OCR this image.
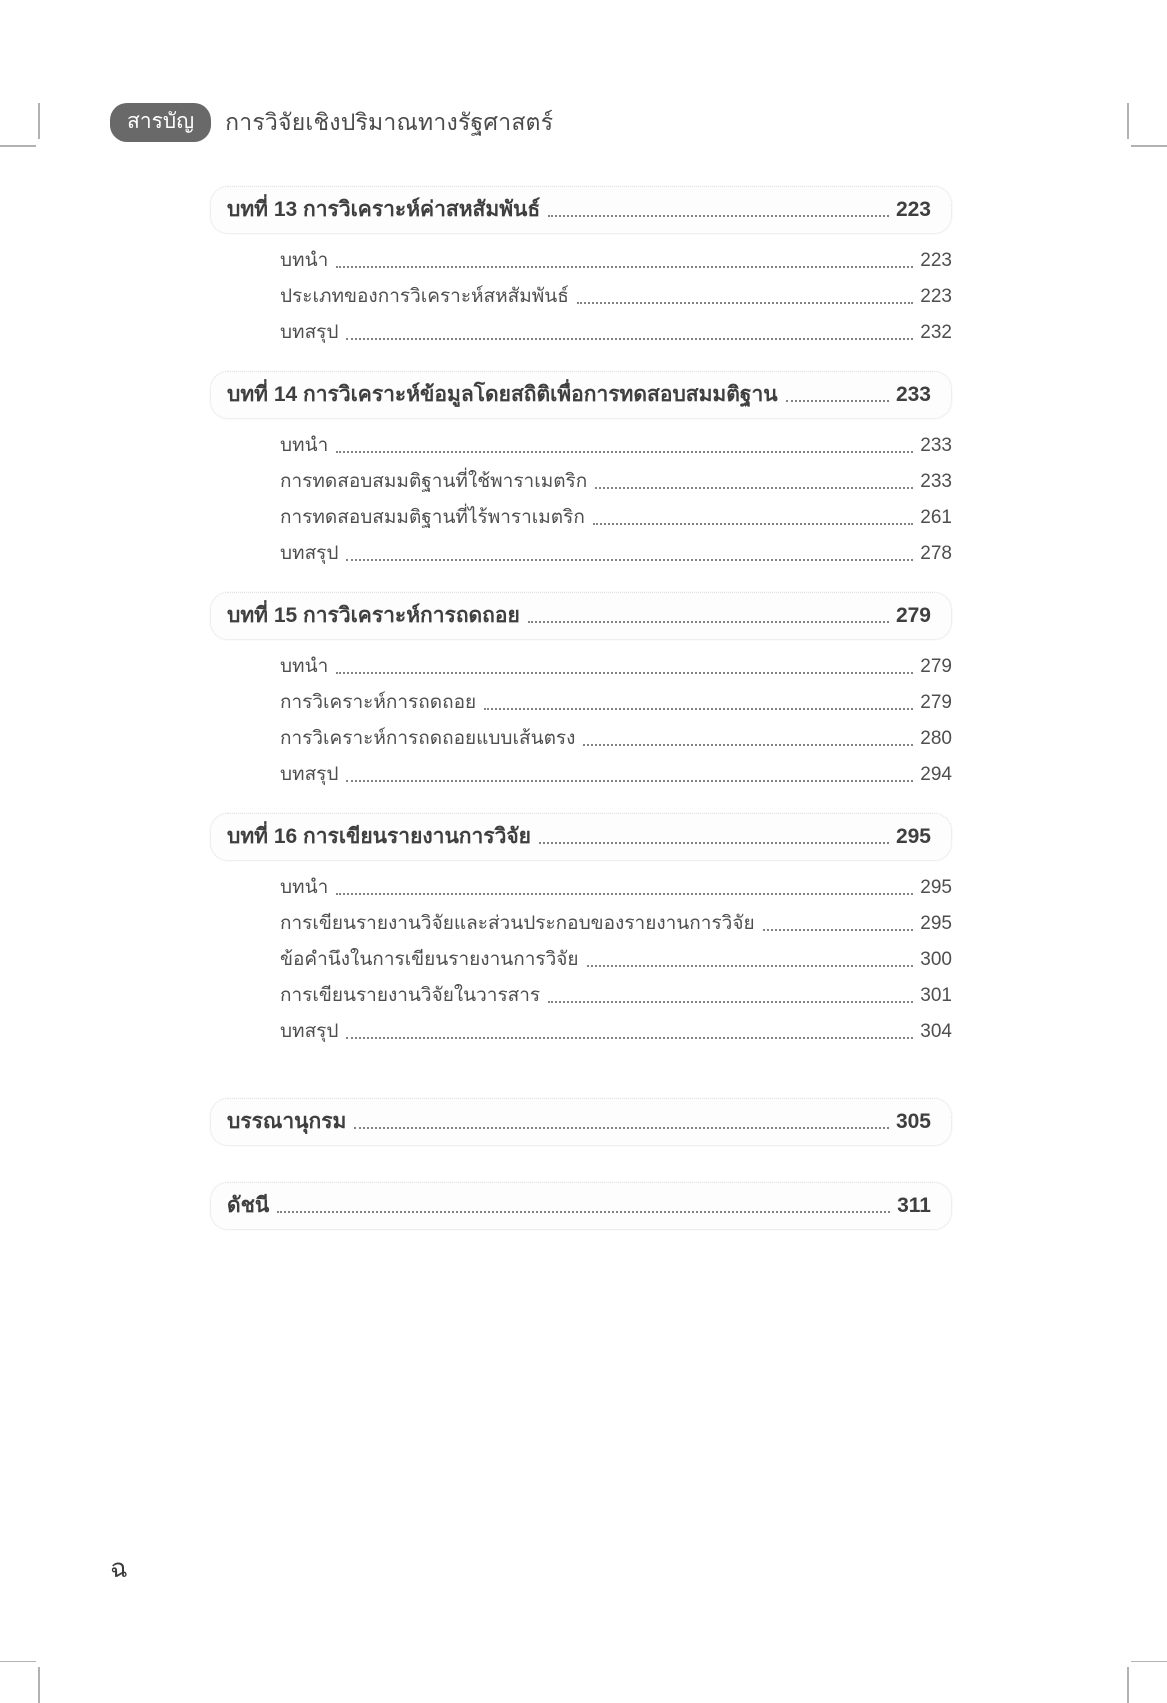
สารบัญ	การวิจัยเชิงปริมาณทางรัฐศาสตร์
บทที่ 13 การวิเคราะห์ค่าสหสัมพันธ์	223
บทนำ	223
ประเภทของการวิเคราะห์สหสัมพันธ์	223
บทสรุป	232
บทที่ 14 การวิเคราะห์ข้อมูลโดยสถิติเพื่อการทดสอบสมมติฐาน	233
บทนำ	233
การทดสอบสมมติฐานที่ใช้พาราเมตริก	233
การทดสอบสมมติฐานที่ไร้พาราเมตริก	261
บทสรุป	278
บทที่ 15 การวิเคราะห์การถดถอย	279
บทนำ	279
การวิเคราะห์การถดถอย	279
การวิเคราะห์การถดถอยแบบเส้นตรง	280
บทสรุป	294
บทที่ 16 การเขียนรายงานการวิจัย	295
บทนำ	295
การเขียนรายงานวิจัยและส่วนประกอบของรายงานการวิจัย	295
ข้อคำนึงในการเขียนรายงานการวิจัย	300
การเขียนรายงานวิจัยในวารสาร	301
บทสรุป	304
บรรณานุกรม	305
ดัชนี	311
ฉ
